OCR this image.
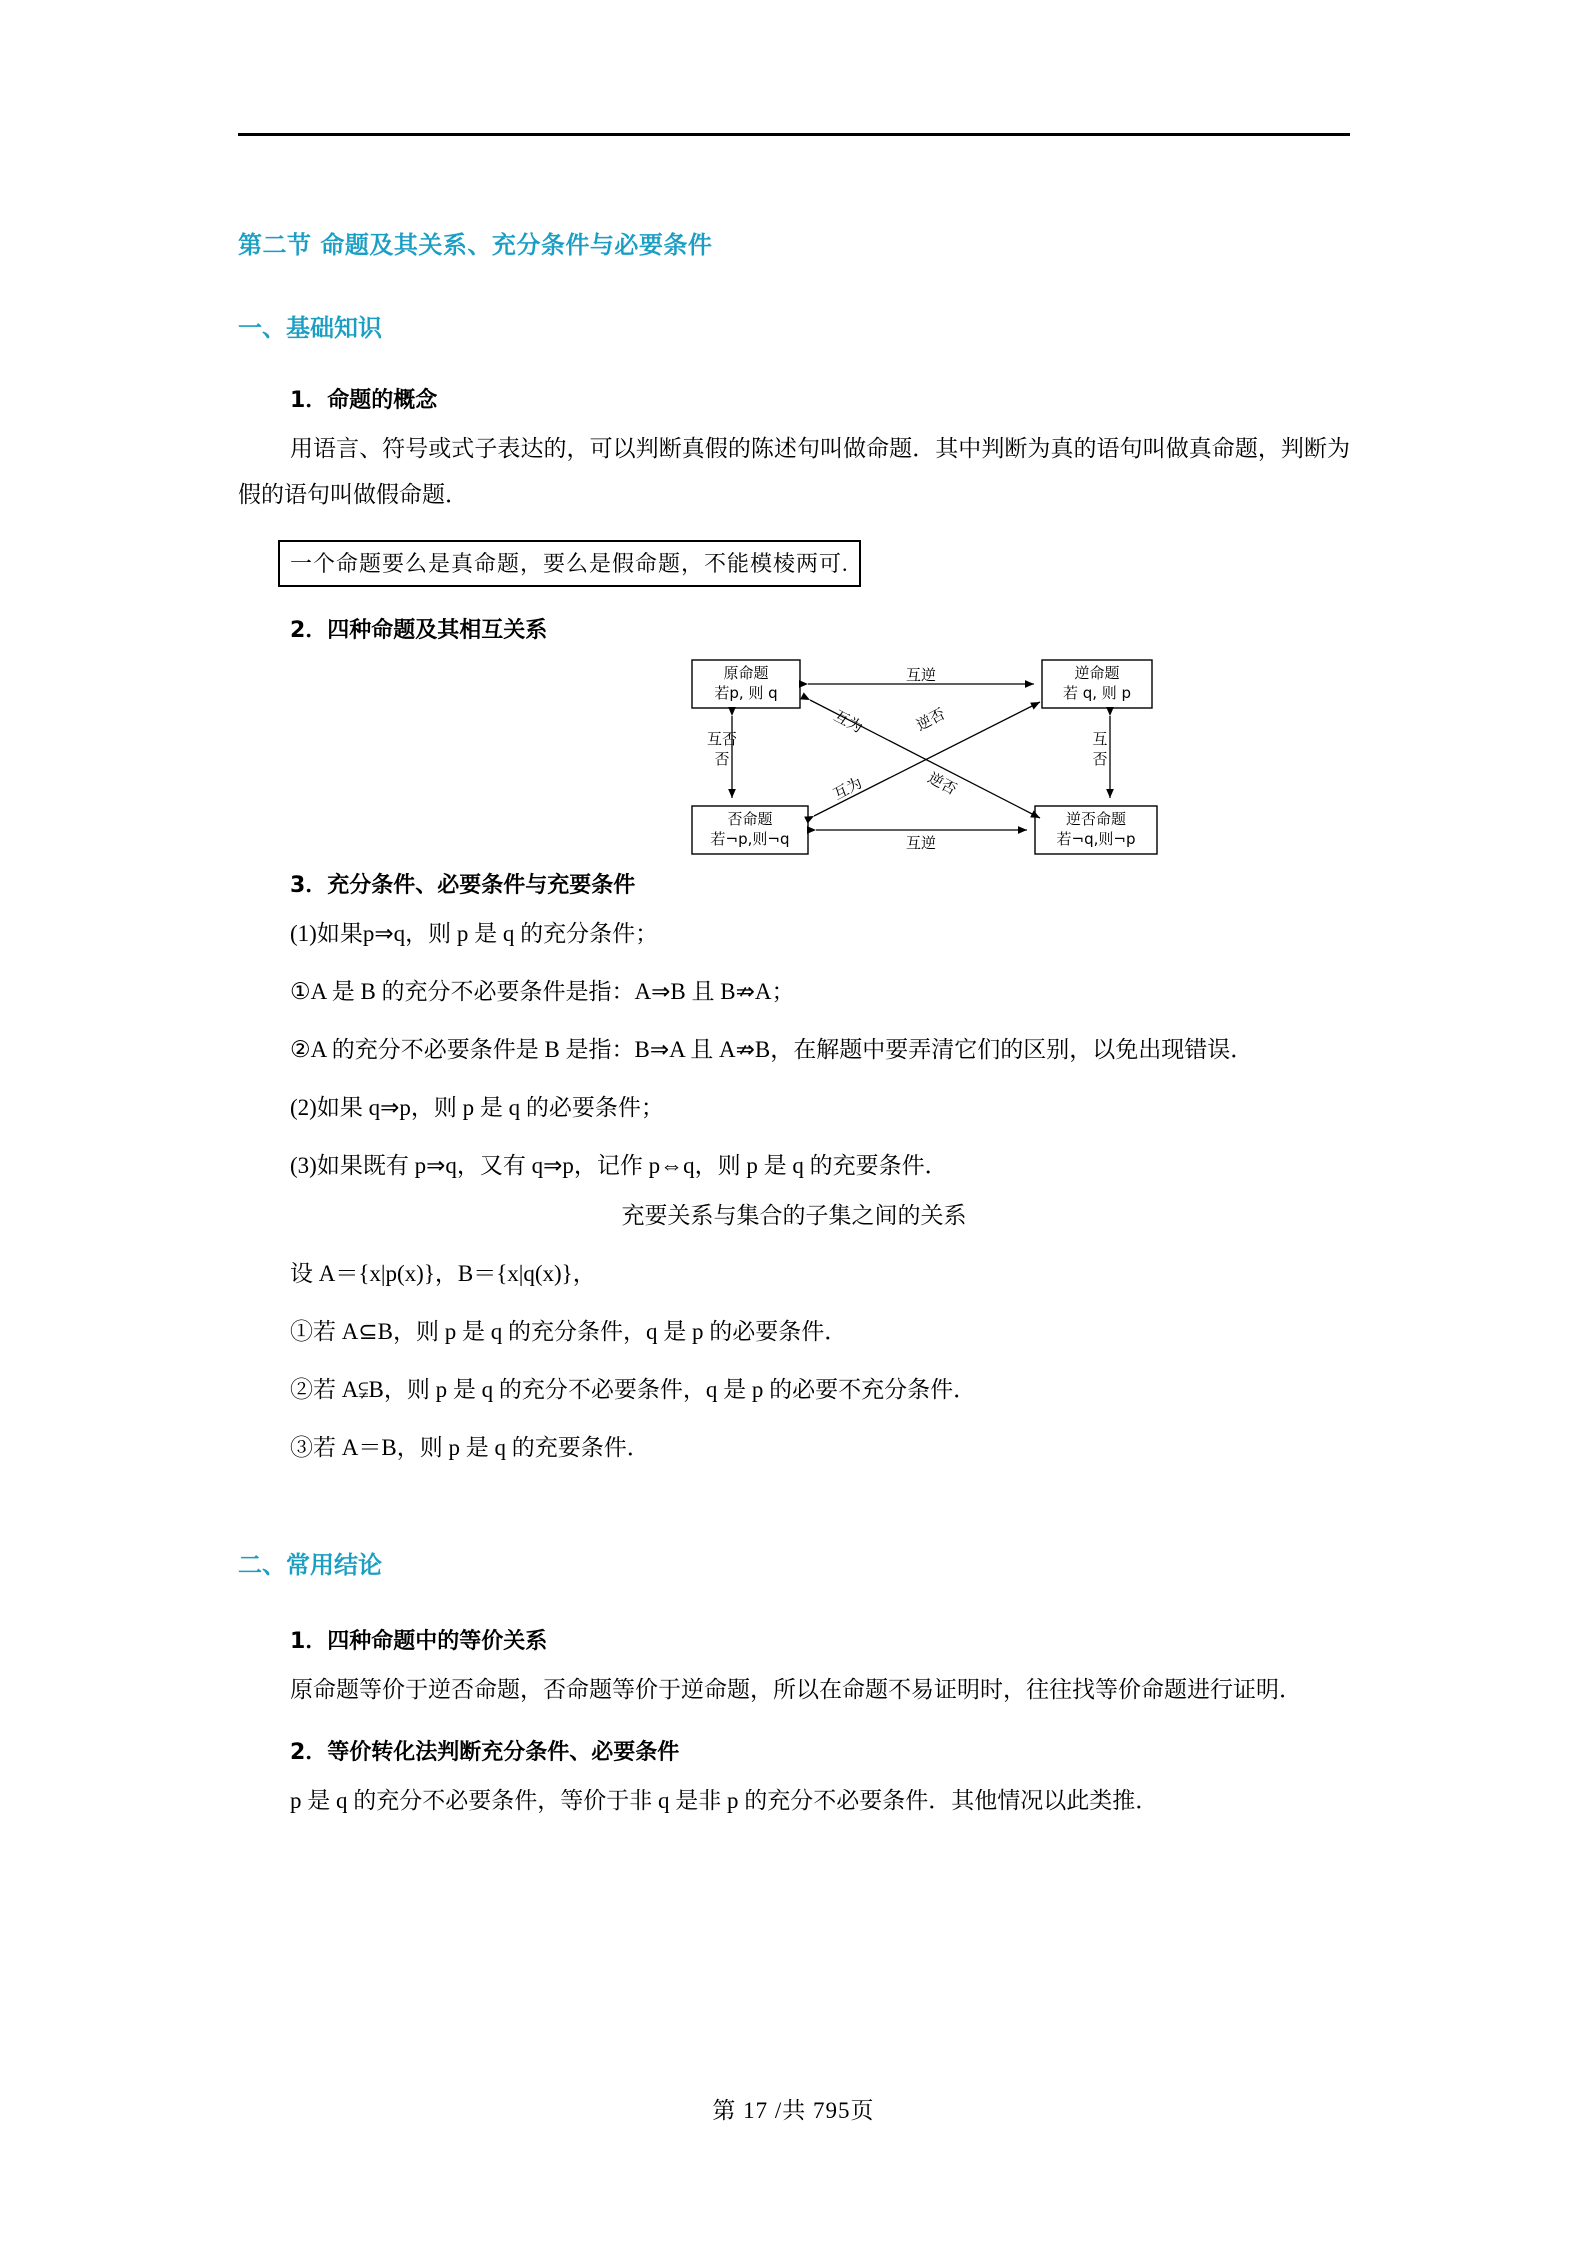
第二节 命题及其关系、充分条件与必要条件
一、基础知识
1．命题的概念
用语言、符号或式子表达的，可以判断真假的陈述句叫做命题．其中判断为真的语句叫做真命题，判断为假的语句叫做假命题．
一个命题要么是真命题，要么是假命题，不能模棱两可.
2．四种命题及其相互关系
原命题
若p, 则 q
逆命题
若 q, 则 p
否命题
若¬p,则¬q
逆否命题
若¬q,则¬p
互逆
互逆
互否
否
互
否
互为	逆否
互为	逆否
3．充分条件、必要条件与充要条件
(1)如果p⇒q，则 p 是 q 的充分条件；
①A 是 B 的充分不必要条件是指：A⇒B 且 B⇏A；
②A 的充分不必要条件是 B 是指：B⇒A 且 A⇏B，在解题中要弄清它们的区别，以免出现错误．
(2)如果 q⇒p，则 p 是 q 的必要条件；
(3)如果既有 p⇒q，又有 q⇒p，记作 p⇔q，则 p 是 q 的充要条件．
充要关系与集合的子集之间的关系
设 A＝{x|p(x)}，B＝{x|q(x)}，
①若 A⊆B，则 p 是 q 的充分条件，q 是 p 的必要条件．
②若 A⫋B，则 p 是 q 的充分不必要条件，q 是 p 的必要不充分条件．
③若 A＝B，则 p 是 q 的充要条件．
二、常用结论
1．四种命题中的等价关系
原命题等价于逆否命题，否命题等价于逆命题，所以在命题不易证明时，往往找等价命题进行证明．
2．等价转化法判断充分条件、必要条件
p 是 q 的充分不必要条件，等价于非 q 是非 p 的充分不必要条件．其他情况以此类推．
第 17 /共 795页
